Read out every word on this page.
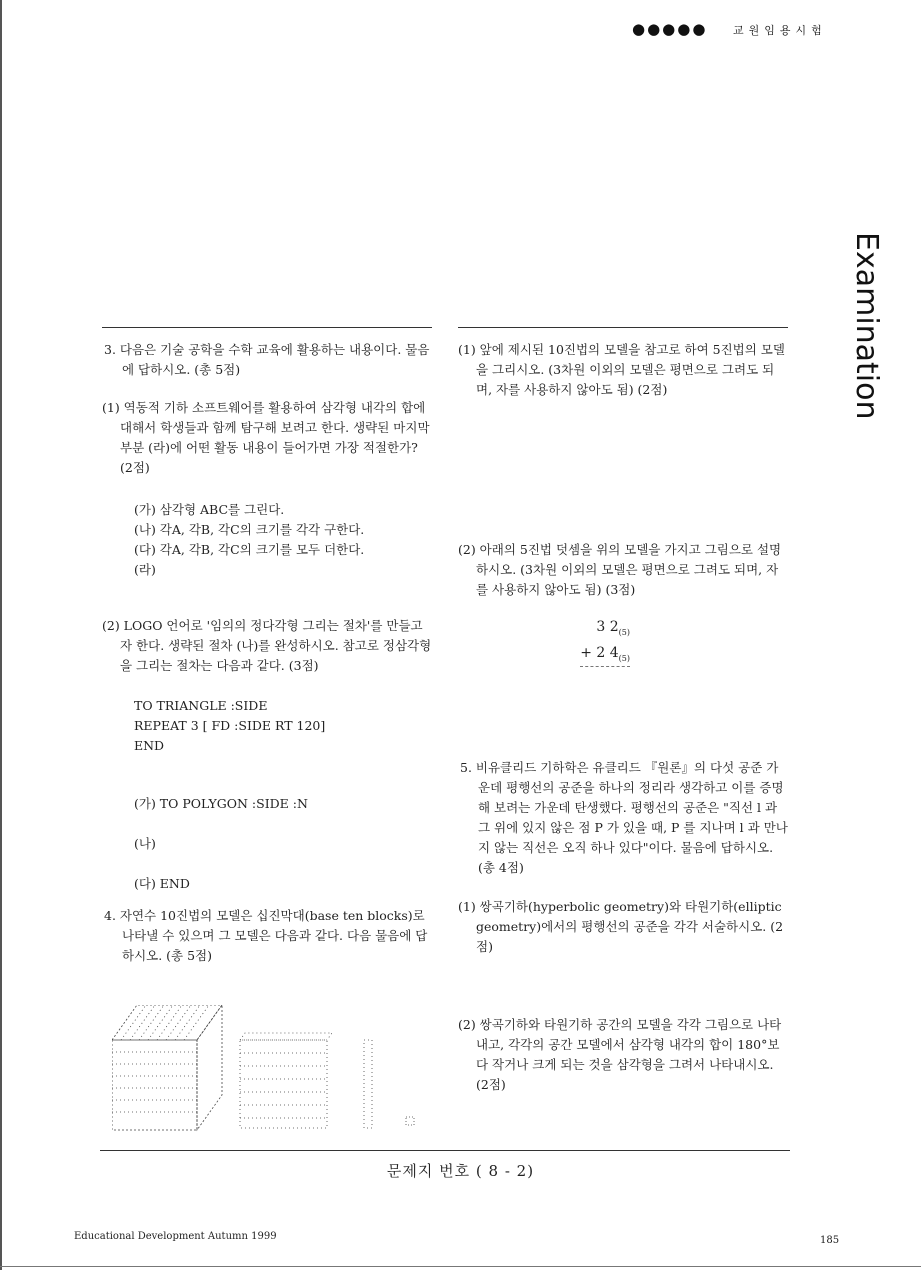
●●●●● 교원임용시험
Examination

3. 다음은 기술 공학을 수학 교육에 활용하는 내용이다. 물음에 답하시오. (총 5점)

(1) 역동적 기하 소프트웨어를 활용하여 삼각형 내각의 합에 대해서 학생들과 함께 탐구해 보려고 한다. 생략된 마지막 부분 (라)에 어떤 활동 내용이 들어가면 가장 적절한가? (2점)

(가) 삼각형 ABC를 그린다.
(나) 각A, 각B, 각C의 크기를 각각 구한다.
(다) 각A, 각B, 각C의 크기를 모두 더한다.
(라)

(2) LOGO 언어로 '임의의 정다각형 그리는 절차'를 만들고자 한다. 생략된 절차 (나)를 완성하시오. 참고로 정삼각형을 그리는 절차는 다음과 같다. (3점)

TO TRIANGLE :SIDE
REPEAT 3 [ FD :SIDE RT 120]
END
(가) TO POLYGON :SIDE :N
(나)
(다) END

4. 자연수 10진법의 모델은 십진막대(base ten blocks)로 나타낼 수 있으며 그 모델은 다음과 같다. 다음 물음에 답하시오. (총 5점)

(1) 앞에 제시된 10진법의 모델을 참고로 하여 5진법의 모델을 그리시오. (3차원 이외의 모델은 평면으로 그려도 되며, 자를 사용하지 않아도 됨) (2점)

(2) 아래의 5진법 덧셈을 위의 모델을 가지고 그림으로 설명하시오. (3차원 이외의 모델은 평면으로 그려도 되며, 자를 사용하지 않아도 됨) (3점)

3 $2_{(5)}$
+ 2 $4_{(5)}$

5. 비유클리드 기하학은 유클리드 『원론』의 다섯 공준 가운데 평행선의 공준을 하나의 정리라 생각하고 이를 증명해 보려는 가운데 탄생했다. 평행선의 공준은 "직선 l 과 그 위에 있지 않은 점 P 가 있을 때, P 를 지나며 l 과 만나지 않는 직선은 오직 하나 있다"이다. 물음에 답하시오. (총 4점)

(1) 쌍곡기하(hyperbolic geometry)와 타원기하(elliptic geometry)에서의 평행선의 공준을 각각 서술하시오. (2점)

(2) 쌍곡기하와 타원기하 공간의 모델을 각각 그림으로 나타내고, 각각의 공간 모델에서 삼각형 내각의 합이 180°보다 작거나 크게 되는 것을 삼각형을 그려서 나타내시오. (2점)

문제지 번호 ( 8 - 2)
Educational Development Autumn 1999	185
